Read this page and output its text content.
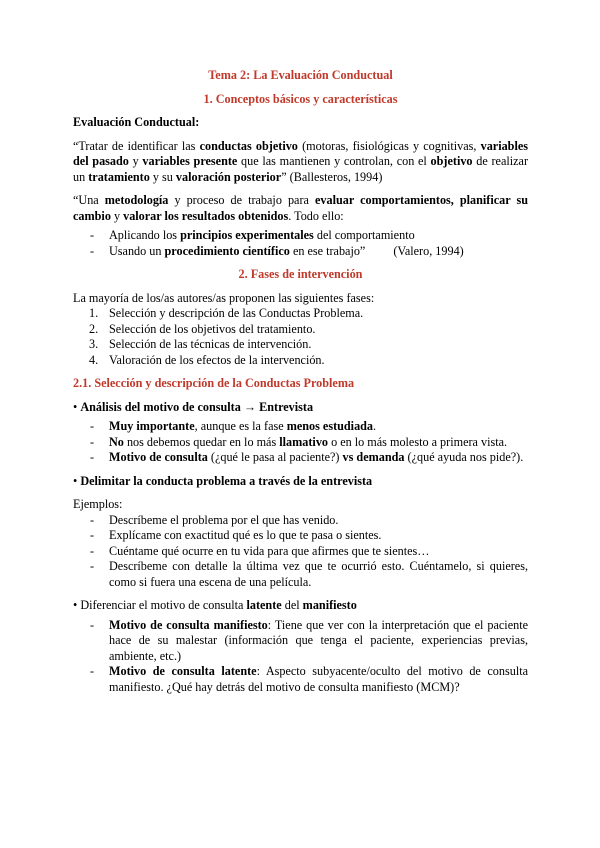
Tema 2: La Evaluación Conductual

1. Conceptos básicos y características

Evaluación Conductual:

“Tratar de identificar las conductas objetivo (motoras, fisiológicas y cognitivas, variables del pasado y variables presente que las mantienen y controlan, con el objetivo de realizar un tratamiento y su valoración posterior” (Ballesteros, 1994)

“Una metodología y proceso de trabajo para evaluar comportamientos, planificar su cambio y valorar los resultados obtenidos. Todo ello:

- Aplicando los principios experimentales del comportamiento
- Usando un procedimiento científico en ese trabajo” (Valero, 1994)

2. Fases de intervención

La mayoría de los/as autores/as proponen las siguientes fases:

1. Selección y descripción de las Conductas Problema.
2. Selección de los objetivos del tratamiento.
3. Selección de las técnicas de intervención.
4. Valoración de los efectos de la intervención.

2.1. Selección y descripción de la Conductas Problema

• Análisis del motivo de consulta → Entrevista

- Muy importante, aunque es la fase menos estudiada.
- No nos debemos quedar en lo más llamativo o en lo más molesto a primera vista.
- Motivo de consulta (¿qué le pasa al paciente?) vs demanda (¿qué ayuda nos pide?).

• Delimitar la conducta problema a través de la entrevista

Ejemplos:

- Descríbeme el problema por el que has venido.
- Explícame con exactitud qué es lo que te pasa o sientes.
- Cuéntame qué ocurre en tu vida para que afirmes que te sientes…
- Descríbeme con detalle la última vez que te ocurrió esto. Cuéntamelo, si quieres, como si fuera una escena de una película.

• Diferenciar el motivo de consulta latente del manifiesto

- Motivo de consulta manifiesto: Tiene que ver con la interpretación que el paciente hace de su malestar (información que tenga el paciente, experiencias previas, ambiente, etc.)
- Motivo de consulta latente: Aspecto subyacente/oculto del motivo de consulta manifiesto. ¿Qué hay detrás del motivo de consulta manifiesto (MCM)?
